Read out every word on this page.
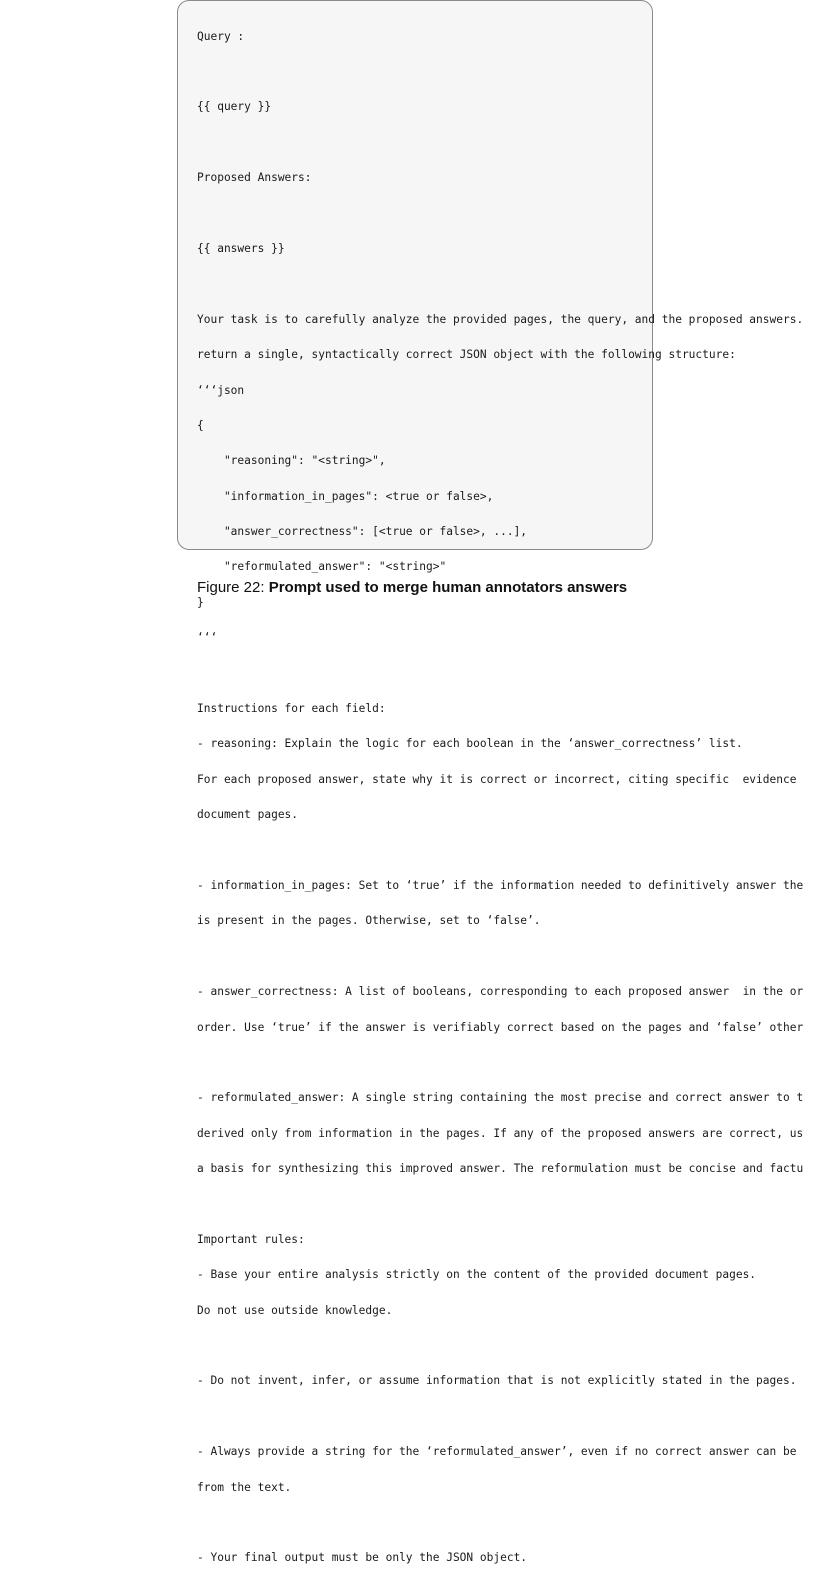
Query :

{{ query }}

Proposed Answers:

{{ answers }}

Your task is to carefully analyze the provided pages, the query, and the proposed answers.

return a single, syntactically correct JSON object with the following structure:

‘‘‘json

{

"reasoning": "<string>",

"information_in_pages": <true or false>,

"answer_correctness": [<true or false>, ...],

"reformulated_answer": "<string>"

}

‘‘‘

Instructions for each field:

- reasoning: Explain the logic for each boolean in the ‘answer_correctness’ list.

For each proposed answer, state why it is correct or incorrect, citing specific  evidence

document pages.

- information_in_pages: Set to ‘true’ if the information needed to definitively answer the

is present in the pages. Otherwise, set to ‘false’.

- answer_correctness: A list of booleans, corresponding to each proposed answer  in the or

order. Use ‘true’ if the answer is verifiably correct based on the pages and ‘false’ other

- reformulated_answer: A single string containing the most precise and correct answer to t

derived only from information in the pages. If any of the proposed answers are correct, us

a basis for synthesizing this improved answer. The reformulation must be concise and factu

Important rules:

- Base your entire analysis strictly on the content of the provided document pages.

Do not use outside knowledge.

- Do not invent, infer, or assume information that is not explicitly stated in the pages.

- Always provide a string for the ‘reformulated_answer’, even if no correct answer can be

from the text.

- Your final output must be only the JSON object.

Figure 22: Prompt used to merge human annotators answers
